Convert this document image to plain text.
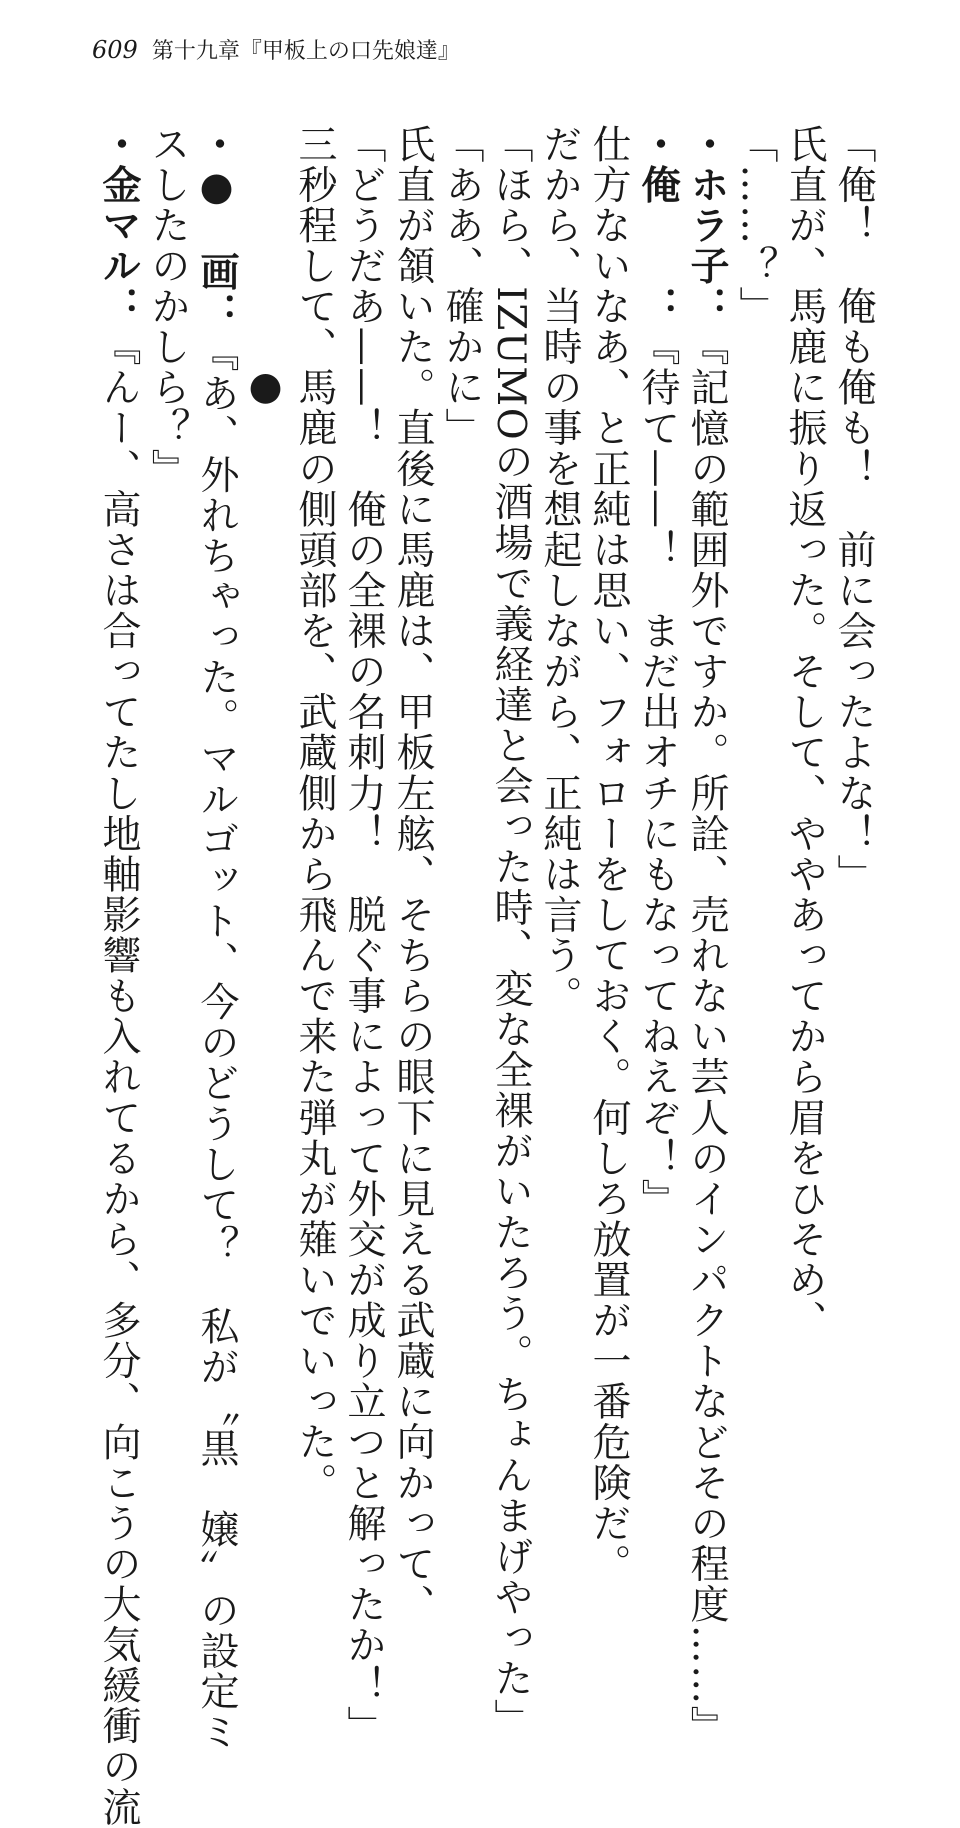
609 第十九章『甲板上の口先娘達』
「俺！　俺も俺も！　前に会ったよな！」
氏直が、馬鹿に振り返った。そして、ややあってから眉をひそめ、
「……？」
・ホラ子：『記憶の範囲外ですか。所詮、売れない芸人のインパクトなどその程度……』
・俺　　：『待て——！　まだ出オチにもなってねえぞ！』
仕方ないなあ、と正純は思い、フォローをしておく。何しろ放置が一番危険だ。
だから、当時の事を想起しながら、正純は言う。
「ほら、IZUMOの酒場で義経達と会った時、変な全裸がいたろう。ちょんまげやった」
「ああ、確かに」
氏直が頷いた。直後に馬鹿は、甲板左舷、そちらの眼下に見える武蔵に向かって、
「どうだあ——！　俺の全裸の名刺力！　脱ぐ事によって外交が成り立つと解ったか！」
三秒程して、馬鹿の側頭部を、武蔵側から飛んで来た弾丸が薙いでいった。
●
・●　画：『あ、外れちゃった。マルゴット、今のどうして？　私が〝黒　嬢〟の設定ミ
スしたのかしら？』
・金マル：『んー、高さは合ってたし地軸影響も入れてるから、多分、向こうの大気緩衝の流
